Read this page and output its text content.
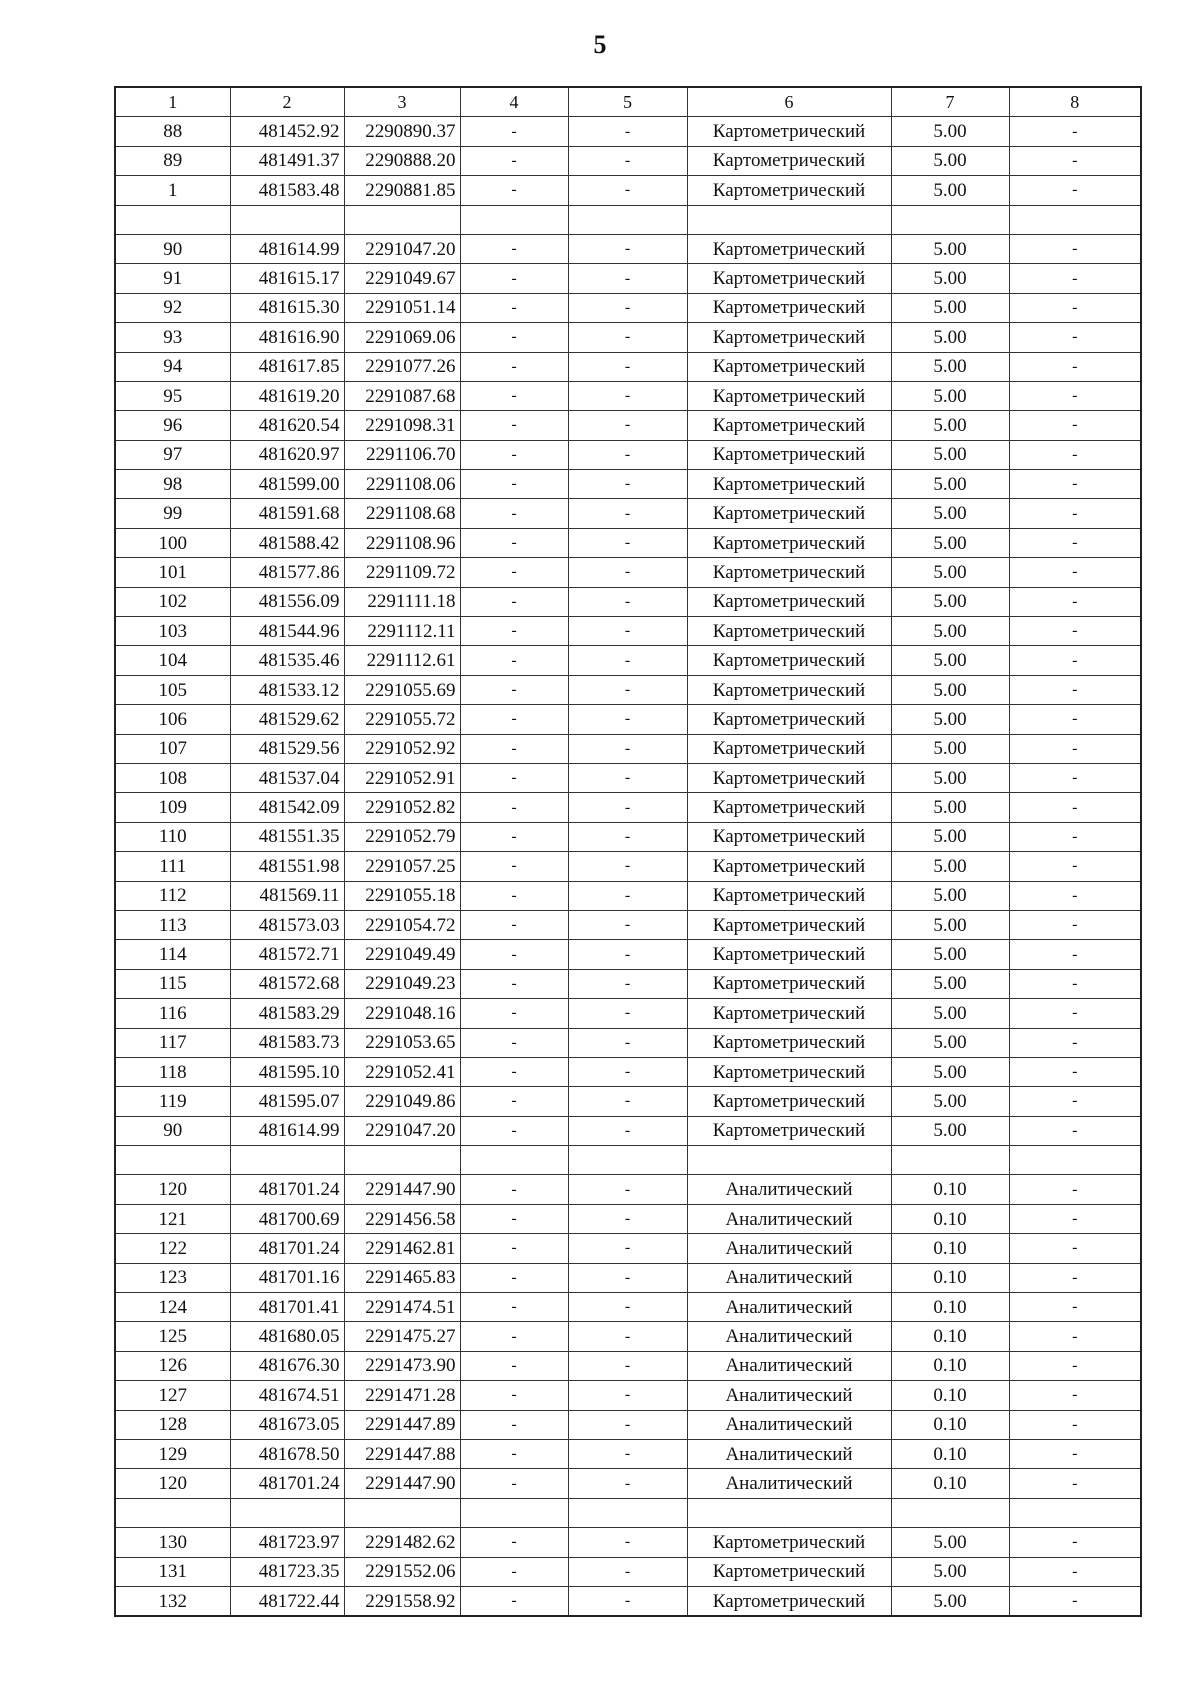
5
1	2	3	4	5	6	7	8
88	481452.92	2290890.37	-	-	Картометрический	5.00	-
89	481491.37	2290888.20	-	-	Картометрический	5.00	-
1	481583.48	2290881.85	-	-	Картометрический	5.00	-

90	481614.99	2291047.20	-	-	Картометрический	5.00	-
91	481615.17	2291049.67	-	-	Картометрический	5.00	-
92	481615.30	2291051.14	-	-	Картометрический	5.00	-
93	481616.90	2291069.06	-	-	Картометрический	5.00	-
94	481617.85	2291077.26	-	-	Картометрический	5.00	-
95	481619.20	2291087.68	-	-	Картометрический	5.00	-
96	481620.54	2291098.31	-	-	Картометрический	5.00	-
97	481620.97	2291106.70	-	-	Картометрический	5.00	-
98	481599.00	2291108.06	-	-	Картометрический	5.00	-
99	481591.68	2291108.68	-	-	Картометрический	5.00	-
100	481588.42	2291108.96	-	-	Картометрический	5.00	-
101	481577.86	2291109.72	-	-	Картометрический	5.00	-
102	481556.09	2291111.18	-	-	Картометрический	5.00	-
103	481544.96	2291112.11	-	-	Картометрический	5.00	-
104	481535.46	2291112.61	-	-	Картометрический	5.00	-
105	481533.12	2291055.69	-	-	Картометрический	5.00	-
106	481529.62	2291055.72	-	-	Картометрический	5.00	-
107	481529.56	2291052.92	-	-	Картометрический	5.00	-
108	481537.04	2291052.91	-	-	Картометрический	5.00	-
109	481542.09	2291052.82	-	-	Картометрический	5.00	-
110	481551.35	2291052.79	-	-	Картометрический	5.00	-
111	481551.98	2291057.25	-	-	Картометрический	5.00	-
112	481569.11	2291055.18	-	-	Картометрический	5.00	-
113	481573.03	2291054.72	-	-	Картометрический	5.00	-
114	481572.71	2291049.49	-	-	Картометрический	5.00	-
115	481572.68	2291049.23	-	-	Картометрический	5.00	-
116	481583.29	2291048.16	-	-	Картометрический	5.00	-
117	481583.73	2291053.65	-	-	Картометрический	5.00	-
118	481595.10	2291052.41	-	-	Картометрический	5.00	-
119	481595.07	2291049.86	-	-	Картометрический	5.00	-
90	481614.99	2291047.20	-	-	Картометрический	5.00	-

120	481701.24	2291447.90	-	-	Аналитический	0.10	-
121	481700.69	2291456.58	-	-	Аналитический	0.10	-
122	481701.24	2291462.81	-	-	Аналитический	0.10	-
123	481701.16	2291465.83	-	-	Аналитический	0.10	-
124	481701.41	2291474.51	-	-	Аналитический	0.10	-
125	481680.05	2291475.27	-	-	Аналитический	0.10	-
126	481676.30	2291473.90	-	-	Аналитический	0.10	-
127	481674.51	2291471.28	-	-	Аналитический	0.10	-
128	481673.05	2291447.89	-	-	Аналитический	0.10	-
129	481678.50	2291447.88	-	-	Аналитический	0.10	-
120	481701.24	2291447.90	-	-	Аналитический	0.10	-

130	481723.97	2291482.62	-	-	Картометрический	5.00	-
131	481723.35	2291552.06	-	-	Картометрический	5.00	-
132	481722.44	2291558.92	-	-	Картометрический	5.00	-
